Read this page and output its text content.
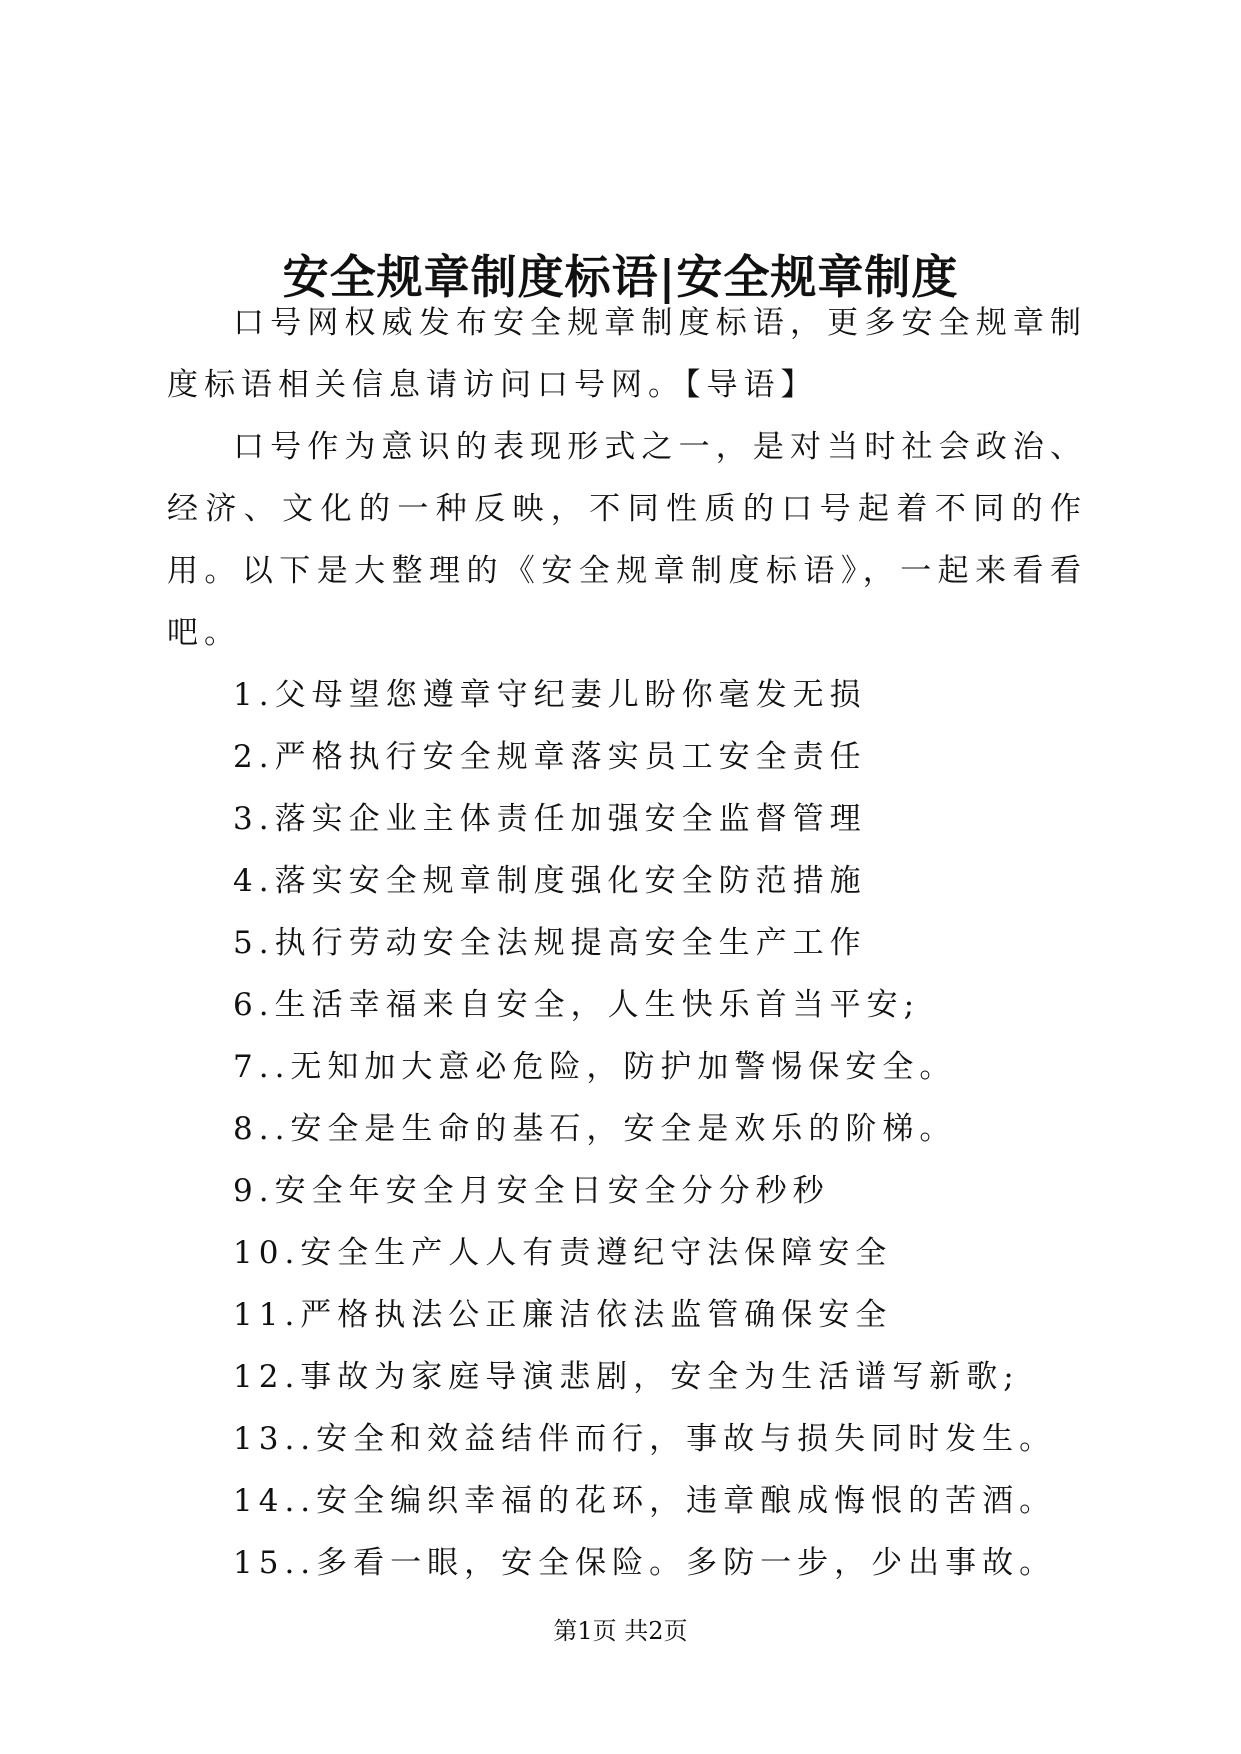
安全规章制度标语|安全规章制度

口号网权威发布安全规章制度标语，更多安全规章制度标语相关信息请访问口号网。【导语】

口号作为意识的表现形式之一，是对当时社会政治、经济、文化的一种反映，不同性质的口号起着不同的作用。以下是大整理的《安全规章制度标语》，一起来看看吧。

1.父母望您遵章守纪妻儿盼你毫发无损
2.严格执行安全规章落实员工安全责任
3.落实企业主体责任加强安全监督管理
4.落实安全规章制度强化安全防范措施
5.执行劳动安全法规提高安全生产工作
6.生活幸福来自安全，人生快乐首当平安;
7..无知加大意必危险，防护加警惕保安全。
8..安全是生命的基石，安全是欢乐的阶梯。
9.安全年安全月安全日安全分分秒秒
10.安全生产人人有责遵纪守法保障安全
11.严格执法公正廉洁依法监管确保安全
12.事故为家庭导演悲剧，安全为生活谱写新歌;
13..安全和效益结伴而行，事故与损失同时发生。
14..安全编织幸福的花环，违章酿成悔恨的苦酒。
15..多看一眼，安全保险。多防一步，少出事故。
第1页 共2页
